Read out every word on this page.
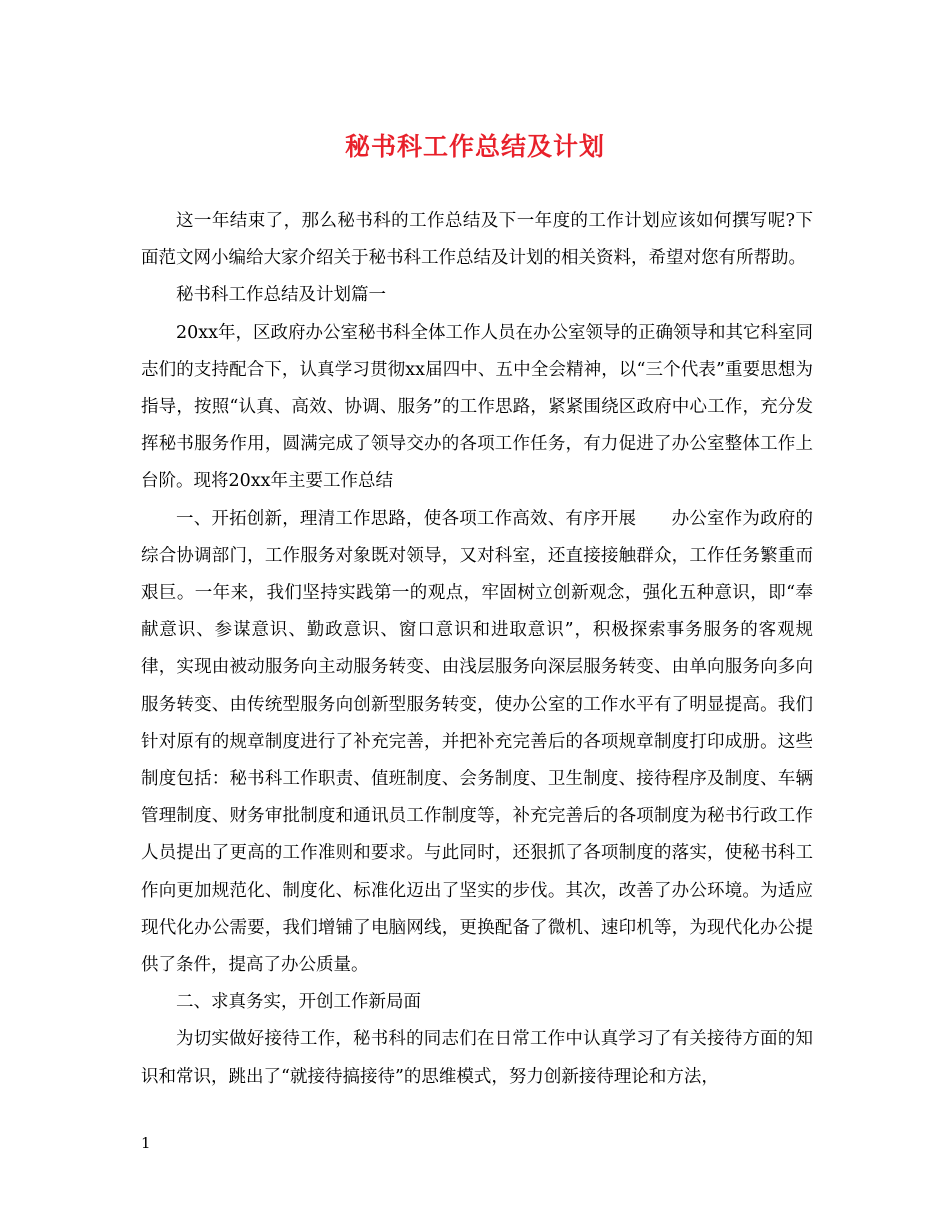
秘书科工作总结及计划

这一年结束了，那么秘书科的工作总结及下一年度的工作计划应该如何撰写呢?下面范文网小编给大家介绍关于秘书科工作总结及计划的相关资料，希望对您有所帮助。

秘书科工作总结及计划篇一

20xx年，区政府办公室秘书科全体工作人员在办公室领导的正确领导和其它科室同志们的支持配合下，认真学习贯彻xx届四中、五中全会精神，以“三个代表”重要思想为指导，按照“认真、高效、协调、服务”的工作思路，紧紧围绕区政府中心工作，充分发挥秘书服务作用，圆满完成了领导交办的各项工作任务，有力促进了办公室整体工作上台阶。现将20xx年主要工作总结

一、开拓创新，理清工作思路，使各项工作高效、有序开展　　办公室作为政府的综合协调部门，工作服务对象既对领导，又对科室，还直接接触群众，工作任务繁重而艰巨。一年来，我们坚持实践第一的观点，牢固树立创新观念，强化五种意识，即“奉献意识、参谋意识、勤政意识、窗口意识和进取意识”，积极探索事务服务的客观规律，实现由被动服务向主动服务转变、由浅层服务向深层服务转变、由单向服务向多向服务转变、由传统型服务向创新型服务转变，使办公室的工作水平有了明显提高。我们针对原有的规章制度进行了补充完善，并把补充完善后的各项规章制度打印成册。这些制度包括：秘书科工作职责、值班制度、会务制度、卫生制度、接待程序及制度、车辆管理制度、财务审批制度和通讯员工作制度等，补充完善后的各项制度为秘书行政工作人员提出了更高的工作准则和要求。与此同时，还狠抓了各项制度的落实，使秘书科工作向更加规范化、制度化、标准化迈出了坚实的步伐。其次，改善了办公环境。为适应现代化办公需要，我们增铺了电脑网线，更换配备了微机、速印机等，为现代化办公提供了条件，提高了办公质量。

二、求真务实，开创工作新局面

为切实做好接待工作，秘书科的同志们在日常工作中认真学习了有关接待方面的知识和常识，跳出了“就接待搞接待”的思维模式，努力创新接待理论和方法，

1
